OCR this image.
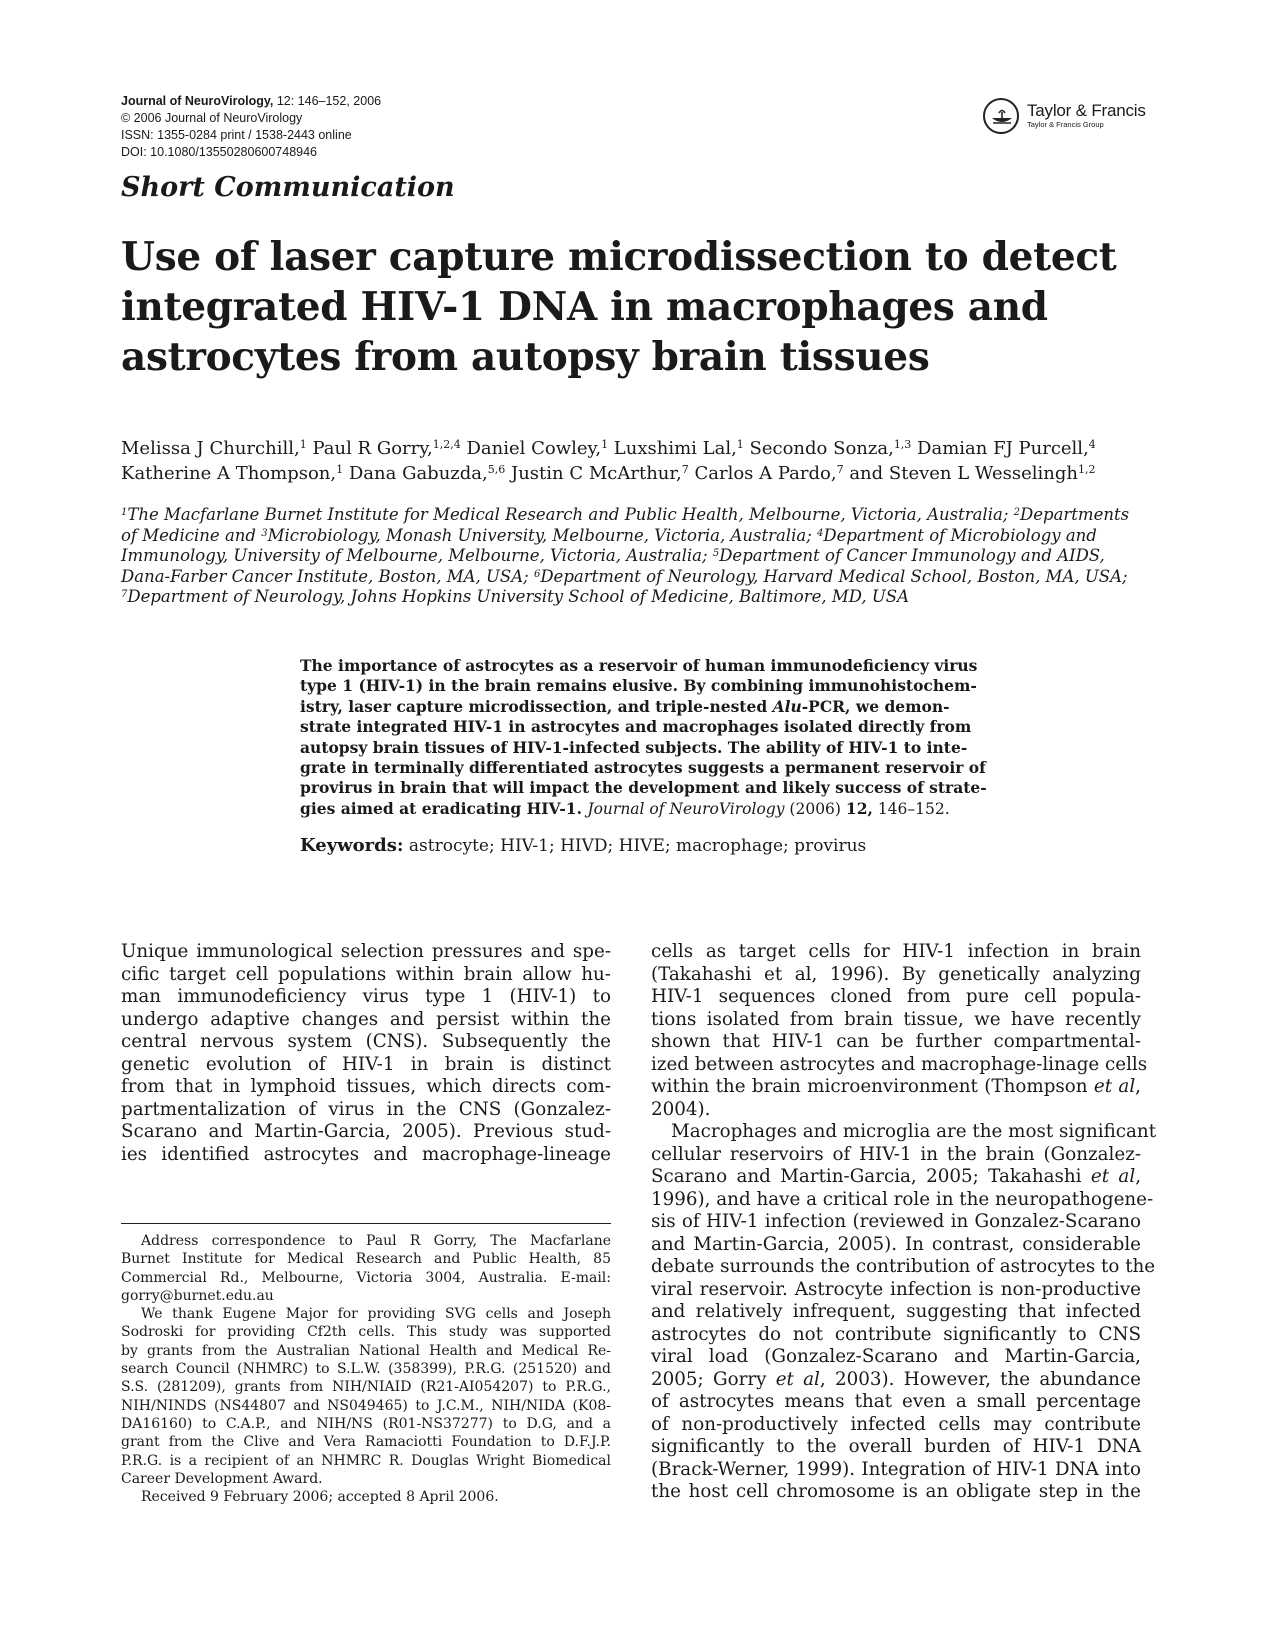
Journal of NeuroVirology, 12: 146–152, 2006
© 2006 Journal of NeuroVirology
ISSN: 1355-0284 print / 1538-2443 online
DOI: 10.1080/13550280600748946
Taylor & Francis
Taylor & Francis Group
Short Communication
Use of laser capture microdissection to detect integrated HIV-1 DNA in macrophages and astrocytes from autopsy brain tissues
Melissa J Churchill,$^1$ Paul R Gorry,$^{1,2,4}$ Daniel Cowley,$^1$ Luxshimi Lal,$^1$ Secondo Sonza,$^{1,3}$ Damian FJ Purcell,$^4$
Katherine A Thompson,$^1$ Dana Gabuzda,$^{5,6}$ Justin C McArthur,$^7$ Carlos A Pardo,$^7$ and Steven L Wesselingh$^{1,2}$
$^1$The Macfarlane Burnet Institute for Medical Research and Public Health, Melbourne, Victoria, Australia; $^2$Departments
of Medicine and $^3$Microbiology, Monash University, Melbourne, Victoria, Australia; $^4$Department of Microbiology and
Immunology, University of Melbourne, Melbourne, Victoria, Australia; $^5$Department of Cancer Immunology and AIDS,
Dana-Farber Cancer Institute, Boston, MA, USA; $^6$Department of Neurology, Harvard Medical School, Boston, MA, USA;
$^7$Department of Neurology, Johns Hopkins University School of Medicine, Baltimore, MD, USA
The importance of astrocytes as a reservoir of human immunodeficiency virus
type 1 (HIV-1) in the brain remains elusive. By combining immunohistochem-
istry, laser capture microdissection, and triple-nested Alu-PCR, we demon-
strate integrated HIV-1 in astrocytes and macrophages isolated directly from
autopsy brain tissues of HIV-1-infected subjects. The ability of HIV-1 to inte-
grate in terminally differentiated astrocytes suggests a permanent reservoir of
provirus in brain that will impact the development and likely success of strate-
gies aimed at eradicating HIV-1. Journal of NeuroVirology (2006) 12, 146–152.
Keywords: astrocyte; HIV-1; HIVD; HIVE; macrophage; provirus
Unique immunological selection pressures and spe-
cific target cell populations within brain allow hu-
man immunodeficiency virus type 1 (HIV-1) to
undergo adaptive changes and persist within the
central nervous system (CNS). Subsequently the
genetic evolution of HIV-1 in brain is distinct
from that in lymphoid tissues, which directs com-
partmentalization of virus in the CNS (Gonzalez-
Scarano and Martin-Garcia, 2005). Previous stud-
ies identified astrocytes and macrophage-lineage
cells as target cells for HIV-1 infection in brain
(Takahashi et al, 1996). By genetically analyzing
HIV-1 sequences cloned from pure cell popula-
tions isolated from brain tissue, we have recently
shown that HIV-1 can be further compartmental-
ized between astrocytes and macrophage-linage cells
within the brain microenvironment (Thompson et al,
2004).
Macrophages and microglia are the most significant
cellular reservoirs of HIV-1 in the brain (Gonzalez-
Scarano and Martin-Garcia, 2005; Takahashi et al,
1996), and have a critical role in the neuropathogene-
sis of HIV-1 infection (reviewed in Gonzalez-Scarano
and Martin-Garcia, 2005). In contrast, considerable
debate surrounds the contribution of astrocytes to the
viral reservoir. Astrocyte infection is non-productive
and relatively infrequent, suggesting that infected
astrocytes do not contribute significantly to CNS
viral load (Gonzalez-Scarano and Martin-Garcia,
2005; Gorry et al, 2003). However, the abundance
of astrocytes means that even a small percentage
of non-productively infected cells may contribute
significantly to the overall burden of HIV-1 DNA
(Brack-Werner, 1999). Integration of HIV-1 DNA into
the host cell chromosome is an obligate step in the
Address correspondence to Paul R Gorry, The Macfarlane
Burnet Institute for Medical Research and Public Health, 85
Commercial Rd., Melbourne, Victoria 3004, Australia. E-mail:
gorry@burnet.edu.au
We thank Eugene Major for providing SVG cells and Joseph
Sodroski for providing Cf2th cells. This study was supported
by grants from the Australian National Health and Medical Re-
search Council (NHMRC) to S.L.W. (358399), P.R.G. (251520) and
S.S. (281209), grants from NIH/NIAID (R21-AI054207) to P.R.G.,
NIH/NINDS (NS44807 and NS049465) to J.C.M., NIH/NIDA (K08-
DA16160) to C.A.P., and NIH/NS (R01-NS37277) to D.G, and a
grant from the Clive and Vera Ramaciotti Foundation to D.F.J.P.
P.R.G. is a recipient of an NHMRC R. Douglas Wright Biomedical
Career Development Award.
Received 9 February 2006; accepted 8 April 2006.
